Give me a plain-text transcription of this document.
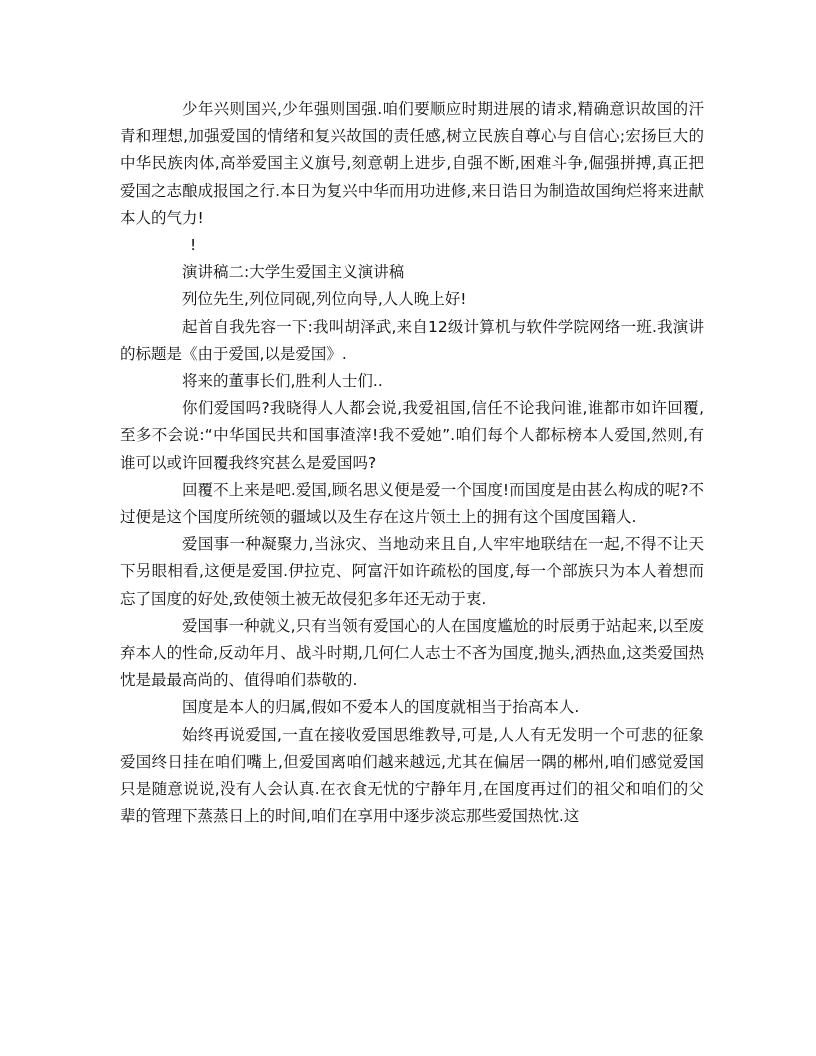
少年兴则国兴,少年强则国强.咱们要顺应时期进展的请求,精确意识故国的汗青和理想,加强爱国的情绪和复兴故国的责任感,树立民族自尊心与自信心;宏扬巨大的中华民族肉体,高举爱国主义旗号,刻意朝上进步,自强不断,困难斗争,倔强拼搏,真正把爱国之志酿成报国之行.本日为复兴中华而用功进修,来日诰日为制造故国绚烂将来进献本人的气力!

!

演讲稿二:大学生爱国主义演讲稿

列位先生,列位同砚,列位向导,人人晚上好!

起首自我先容一下:我叫胡泽武,来自12级计算机与软件学院网络一班.我演讲的标题是《由于爱国,以是爱国》.

将来的董事长们,胜利人士们..

你们爱国吗?我晓得人人都会说,我爱祖国,信任不论我问谁,谁都市如许回覆,至多不会说:“中华国民共和国事渣滓!我不爱她”.咱们每个人都标榜本人爱国,然则,有谁可以或许回覆我终究甚么是爱国吗?

回覆不上来是吧.爱国,顾名思义便是爱一个国度!而国度是由甚么构成的呢?不过便是这个国度所统领的疆域以及生存在这片领土上的拥有这个国度国籍人.

爱国事一种凝聚力,当泳灾、当地动来且自,人牢牢地联结在一起,不得不让天下另眼相看,这便是爱国.伊拉克、阿富汗如许疏松的国度,每一个部族只为本人着想而忘了国度的好处,致使领土被无故侵犯多年还无动于衷.

爱国事一种就义,只有当领有爱国心的人在国度尴尬的时辰勇于站起来,以至废弃本人的性命,反动年月、战斗时期,几何仁人志士不吝为国度,抛头,洒热血,这类爱国热忱是最最高尚的、值得咱们恭敬的.

国度是本人的归属,假如不爱本人的国度就相当于抬高本人.

始终再说爱国,一直在接收爱国思维教导,可是,人人有无发明一个可悲的征象爱国终日挂在咱们嘴上,但爱国离咱们越来越远,尤其在偏居一隅的郴州,咱们感觉爱国只是随意说说,没有人会认真.在衣食无忧的宁静年月,在国度再过们的祖父和咱们的父辈的管理下蒸蒸日上的时间,咱们在享用中逐步淡忘那些爱国热忱.这
